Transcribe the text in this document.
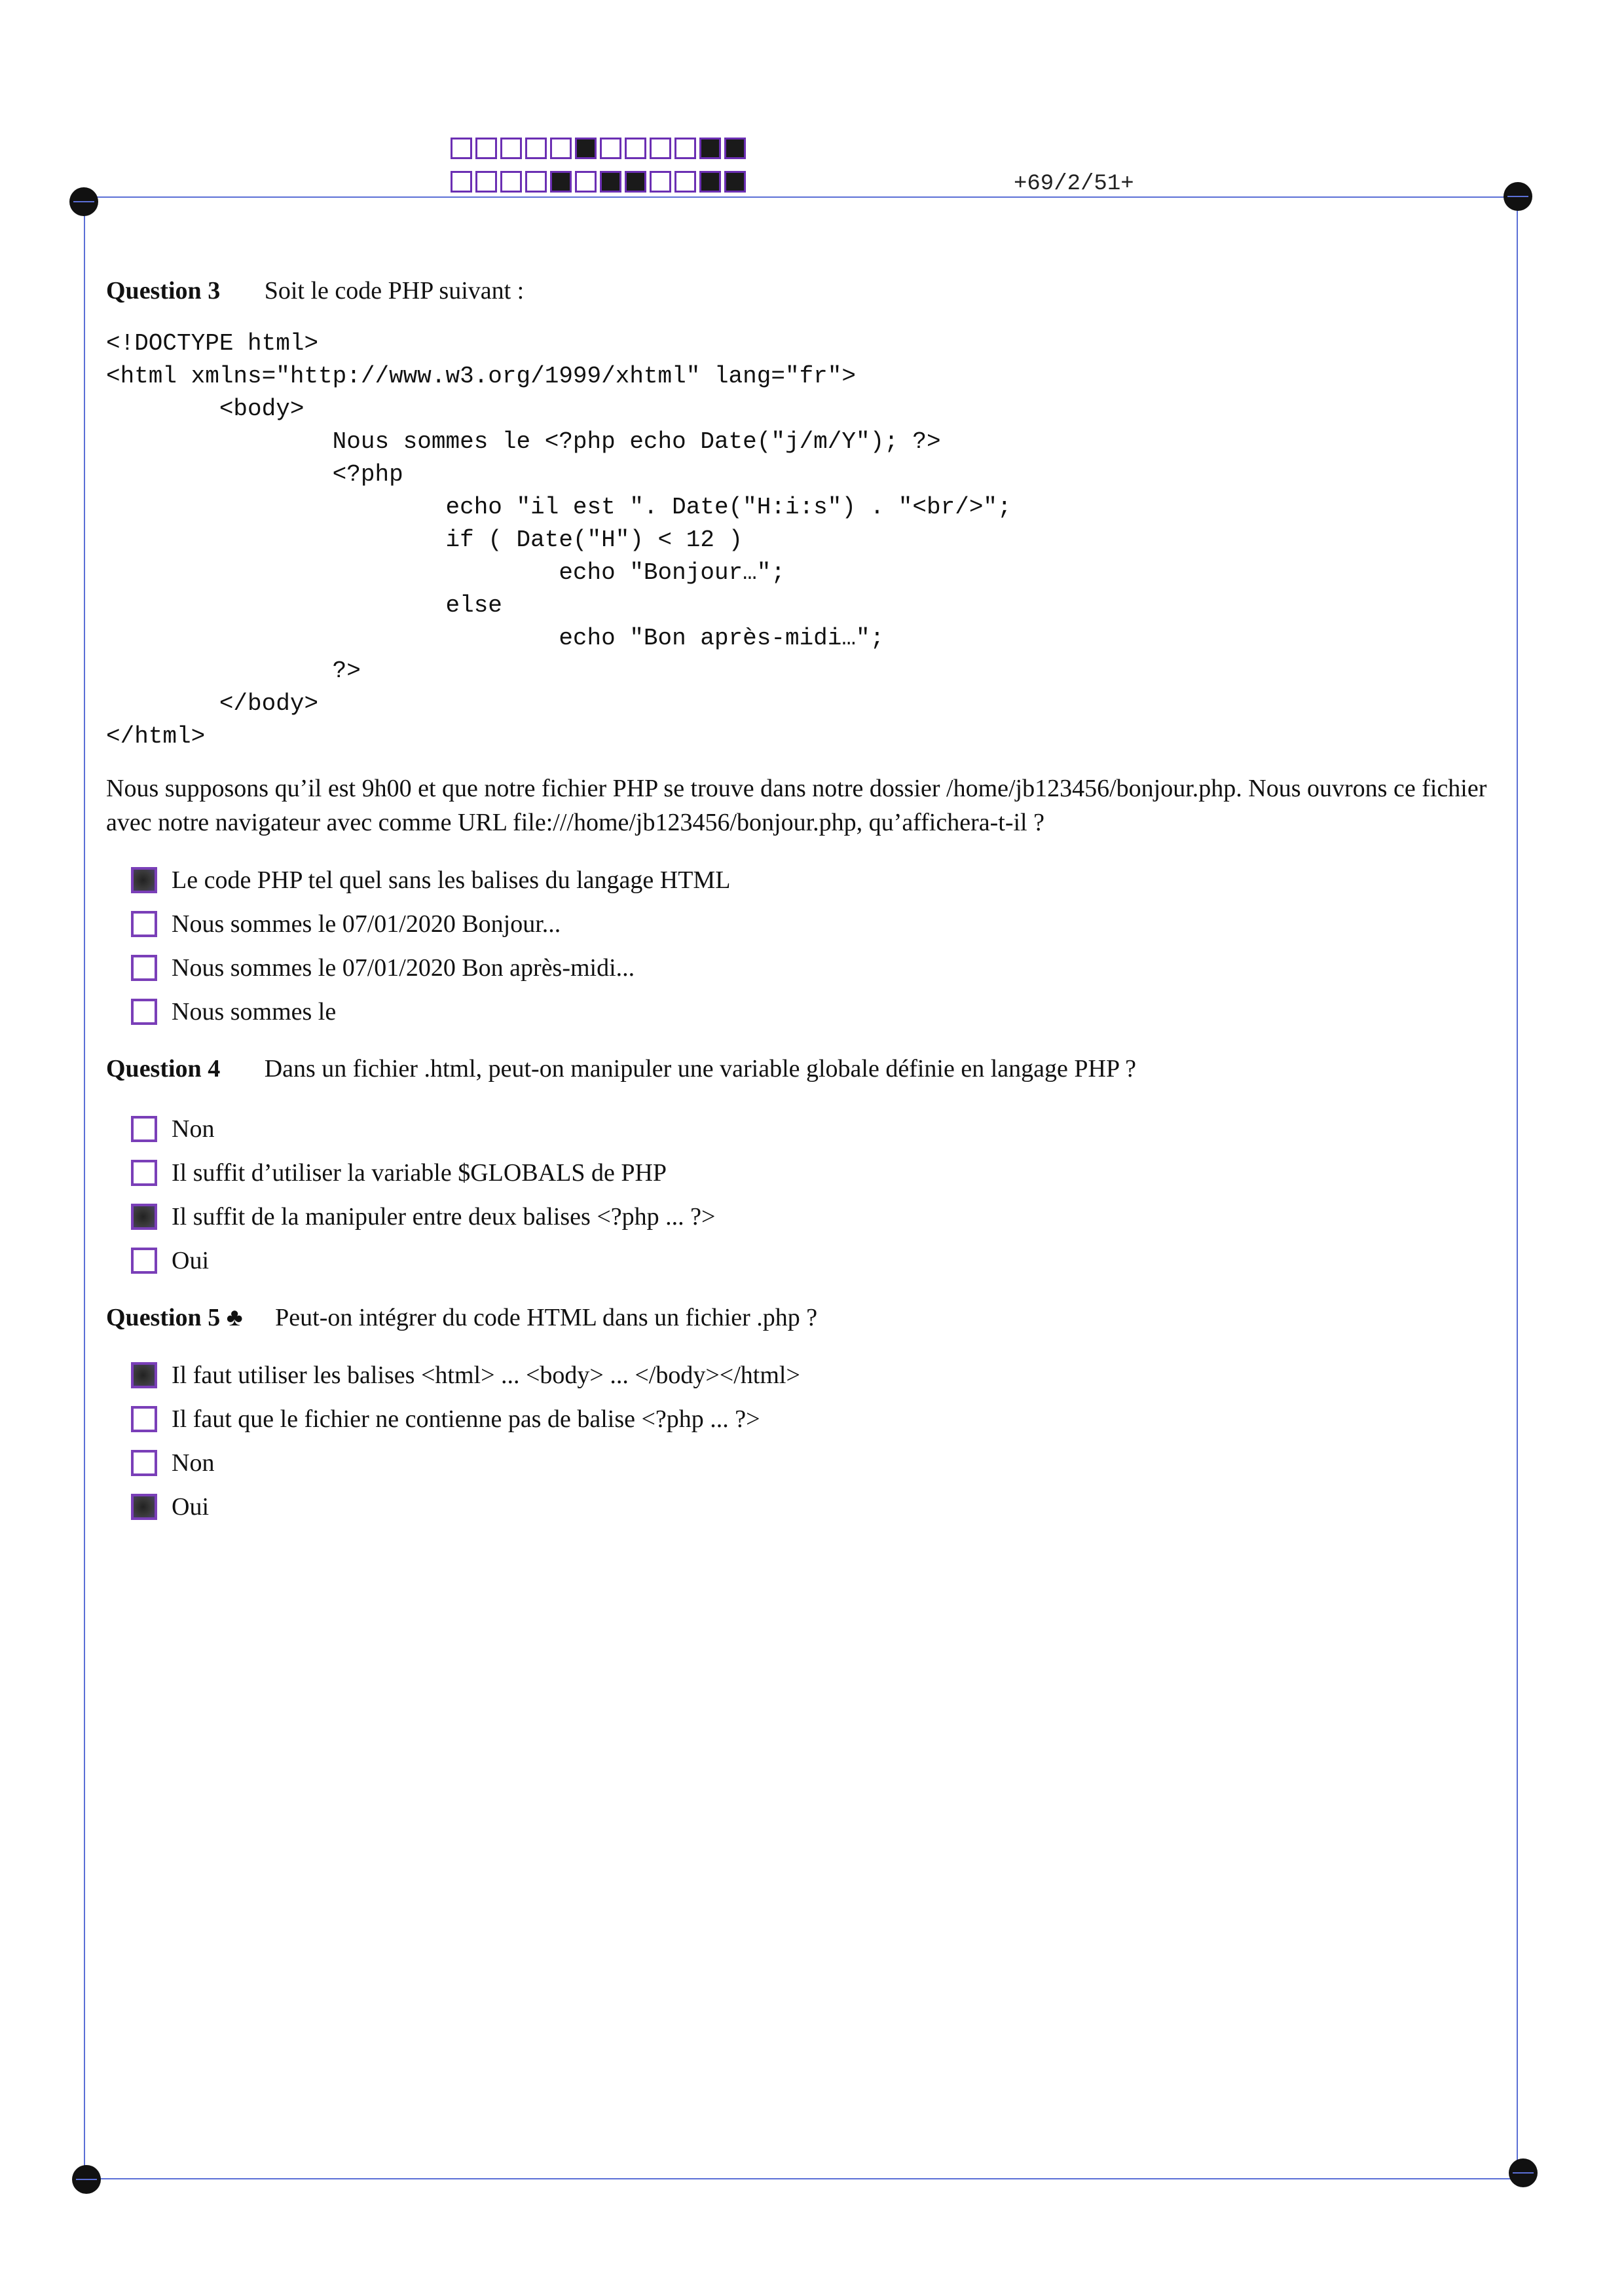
+69/2/51+
Question 3 Soit le code PHP suivant :
<!DOCTYPE html>
<html xmlns="http://www.w3.org/1999/xhtml" lang="fr">
<body>
Nous sommes le <?php echo Date("j/m/Y"); ?>
<?php
echo "il est ". Date("H:i:s") . "<br/>";
if ( Date("H") < 12 )
echo "Bonjour…";
else
echo "Bon après-midi…";
?>
</body>
</html>
Nous supposons qu’il est 9h00 et que notre fichier PHP se trouve dans notre dossier /home/jb123456/bonjour.php. Nous ouvrons ce fichier avec notre navigateur avec comme URL file:///home/jb123456/bonjour.php, qu’affichera-t-il ?
Le code PHP tel quel sans les balises du langage HTML
Nous sommes le 07/01/2020 Bonjour...
Nous sommes le 07/01/2020 Bon après-midi...
Nous sommes le
Question 4 Dans un fichier .html, peut-on manipuler une variable globale définie en langage PHP ?
Non
Il suffit d’utiliser la variable $GLOBALS de PHP
Il suffit de la manipuler entre deux balises <?php ... ?>
Oui
Question 5 ♣ Peut-on intégrer du code HTML dans un fichier .php ?
Il faut utiliser les balises <html> ... <body> ... </body></html>
Il faut que le fichier ne contienne pas de balise <?php ... ?>
Non
Oui
